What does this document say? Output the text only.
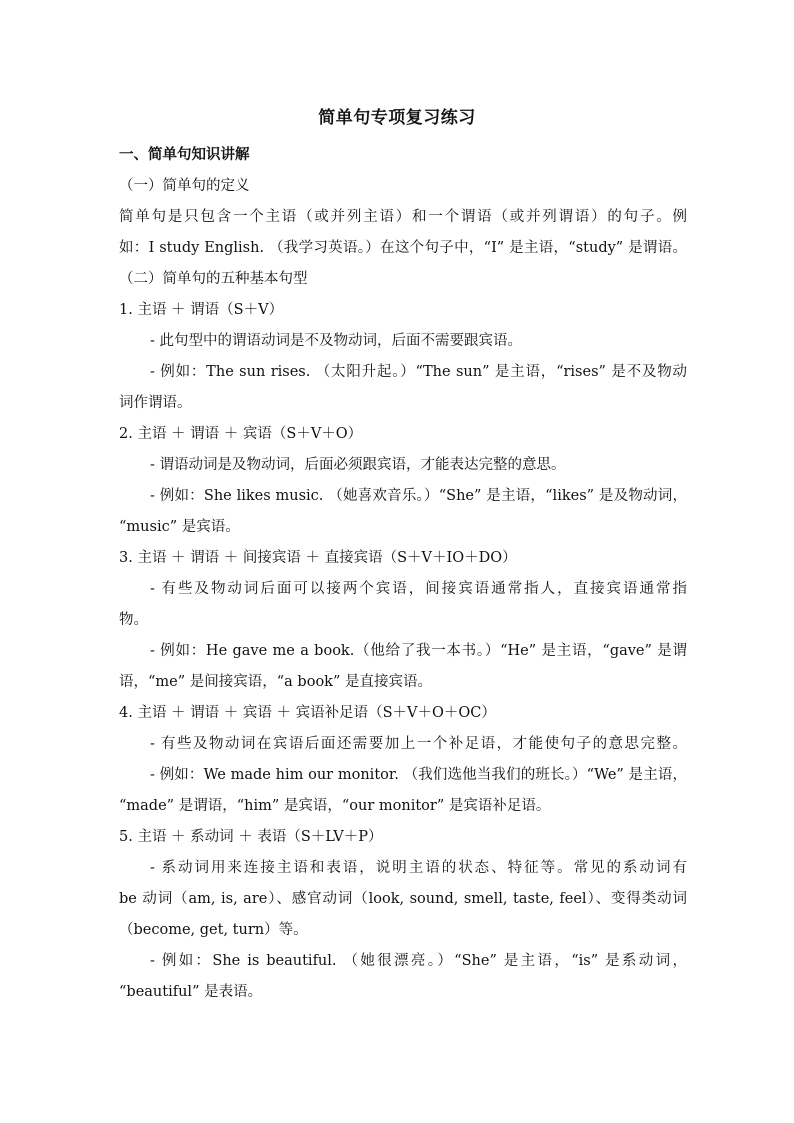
简单句专项复习练习
一、简单句知识讲解
（一）简单句的定义
简单句是只包含一个主语（或并列主语）和一个谓语（或并列谓语）的句子。例
如：I study English. （我学习英语。）在这个句子中，“I” 是主语，“study” 是谓语。
（二）简单句的五种基本句型
1. 主语 ＋ 谓语（S＋V）
- 此句型中的谓语动词是不及物动词，后面不需要跟宾语。
- 例如：The sun rises. （太阳升起。）“The sun” 是主语，“rises” 是不及物动
词作谓语。
2. 主语 ＋ 谓语 ＋ 宾语（S＋V＋O）
- 谓语动词是及物动词，后面必须跟宾语，才能表达完整的意思。
- 例如：She likes music. （她喜欢音乐。）“She” 是主语，“likes” 是及物动词，
“music” 是宾语。
3. 主语 ＋ 谓语 ＋ 间接宾语 ＋ 直接宾语（S＋V＋IO＋DO）
- 有些及物动词后面可以接两个宾语，间接宾语通常指人，直接宾语通常指
物。
- 例如：He gave me a book.（他给了我一本书。）“He” 是主语，“gave” 是谓
语，“me” 是间接宾语，“a book” 是直接宾语。
4. 主语 ＋ 谓语 ＋ 宾语 ＋ 宾语补足语（S＋V＋O＋OC）
- 有些及物动词在宾语后面还需要加上一个补足语，才能使句子的意思完整。
- 例如：We made him our monitor. （我们选他当我们的班长。）“We” 是主语，
“made” 是谓语，“him” 是宾语，“our monitor” 是宾语补足语。
5. 主语 ＋ 系动词 ＋ 表语（S＋LV＋P）
- 系动词用来连接主语和表语，说明主语的状态、特征等。常见的系动词有
be 动词（am, is, are）、感官动词（look, sound, smell, taste, feel）、变得类动词
（become, get, turn）等。
- 例如：She is beautiful. （她很漂亮。）“She” 是主语，“is” 是系动词，
“beautiful” 是表语。
